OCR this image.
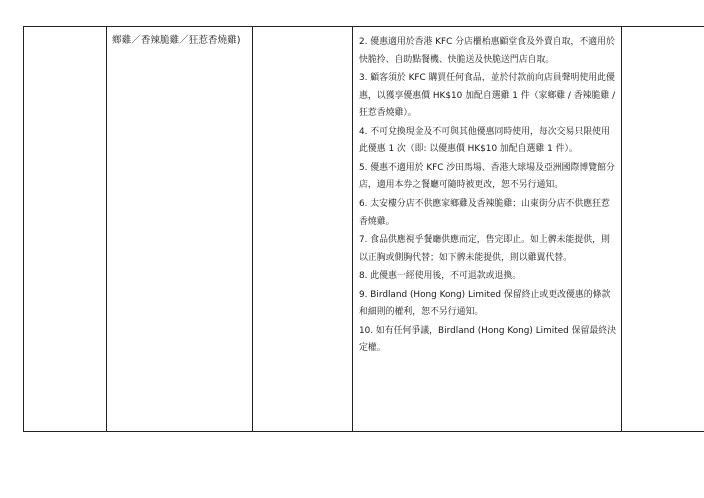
	鄉雞／香辣脆雞／狂惹香燒雞)		2. 優惠適用於香港 KFC 分店櫃枱惠顧堂食及外賣自取，不適用於快脆拎、自助點餐機、快脆送及快脆送門店自取。

3. 顧客須於 KFC 購買任何食品，並於付款前向店員聲明使用此優惠，以獲享優惠價 HK$10 加配自選雞 1 件（家鄉雞 / 香辣脆雞 / 狂惹香燒雞）。

4. 不可兌換現金及不可與其他優惠同時使用，每次交易只限使用此優惠 1 次（即: 以優惠價 HK$10 加配自選雞 1 件）。

5. 優惠不適用於 KFC 沙田馬場、香港大球場及亞洲國際博覽館分店，適用本券之餐廳可隨時被更改，恕不另行通知。

6. 太安樓分店不供應家鄉雞及香辣脆雞；山東街分店不供應狂惹香燒雞。

7. 食品供應視乎餐廳供應而定，售完即止。如上髀未能提供，則以正胸或側胸代替；如下髀未能提供，則以雞翼代替。

8. 此優惠一經使用後，不可退款或退換。

9. Birdland (Hong Kong) Limited 保留終止或更改優惠的條款和細則的權利，恕不另行通知。

10. 如有任何爭議，Birdland (Hong Kong) Limited 保留最終決定權。
